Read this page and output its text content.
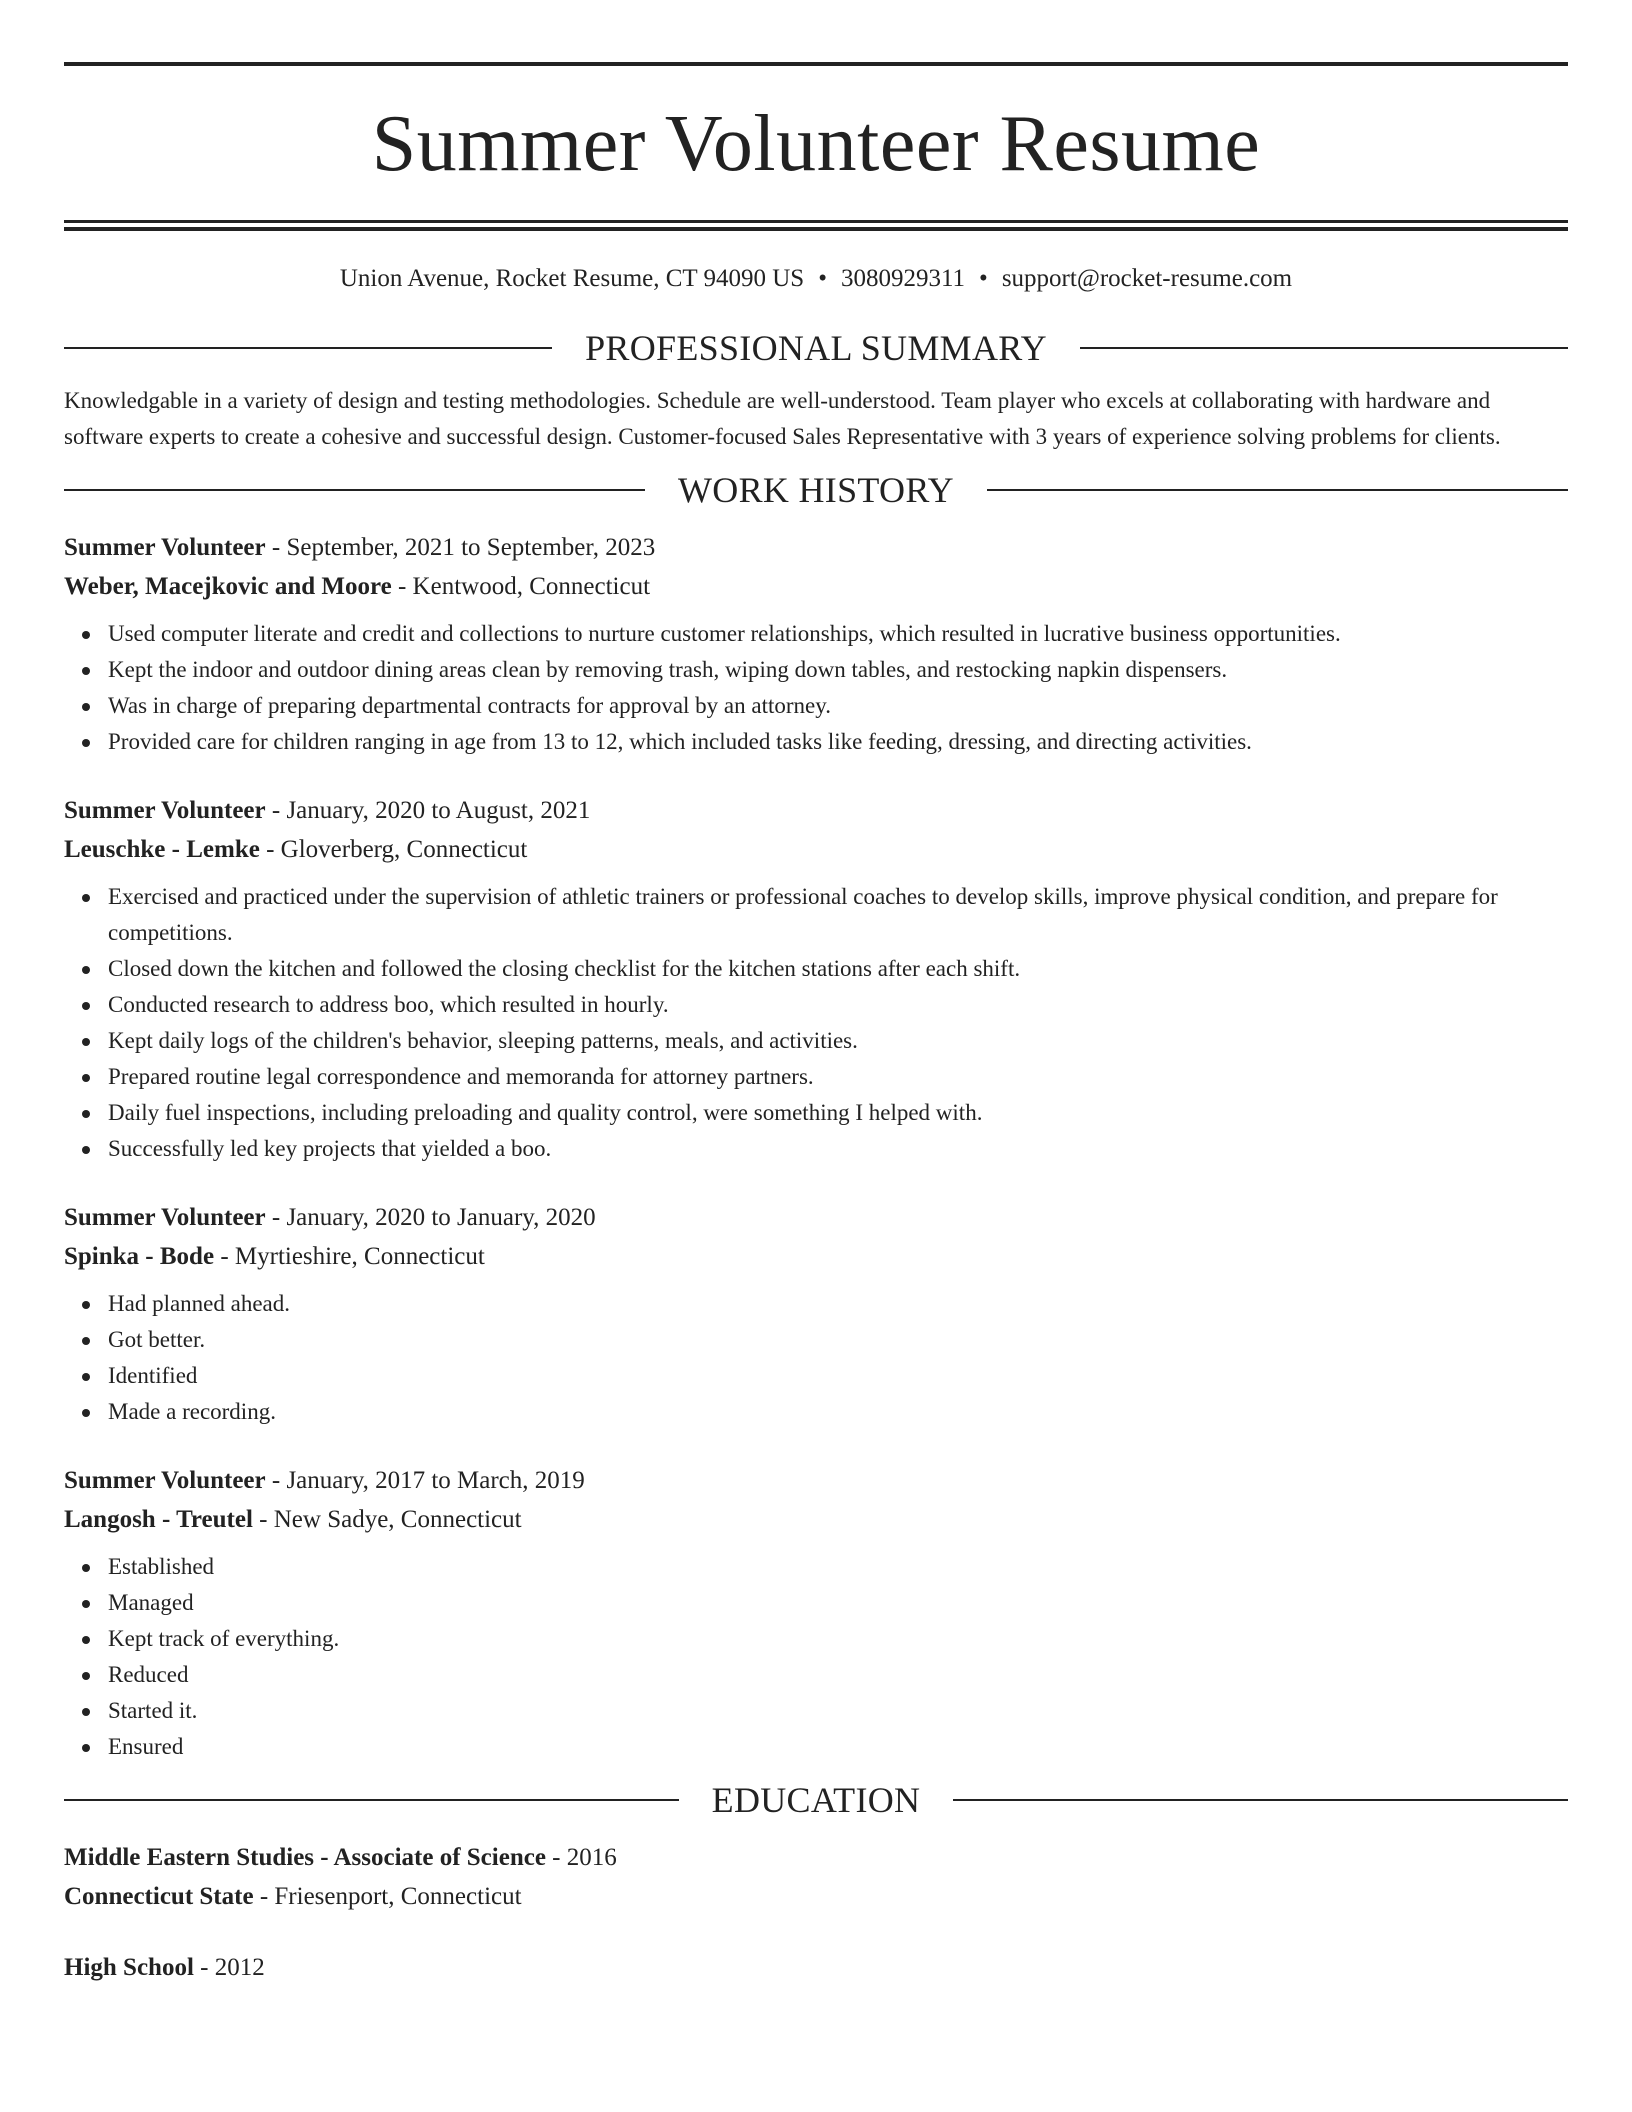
Summer Volunteer Resume
Union Avenue, Rocket Resume, CT 94090 US • 3080929311 • support@rocket-resume.com
PROFESSIONAL SUMMARY
Knowledgable in a variety of design and testing methodologies. Schedule are well-understood. Team player who excels at collaborating with hardware and software experts to create a cohesive and successful design. Customer-focused Sales Representative with 3 years of experience solving problems for clients.
WORK HISTORY
Summer Volunteer - September, 2021 to September, 2023
Weber, Macejkovic and Moore - Kentwood, Connecticut
Used computer literate and credit and collections to nurture customer relationships, which resulted in lucrative business opportunities.
Kept the indoor and outdoor dining areas clean by removing trash, wiping down tables, and restocking napkin dispensers.
Was in charge of preparing departmental contracts for approval by an attorney.
Provided care for children ranging in age from 13 to 12, which included tasks like feeding, dressing, and directing activities.
Summer Volunteer - January, 2020 to August, 2021
Leuschke - Lemke - Gloverberg, Connecticut
Exercised and practiced under the supervision of athletic trainers or professional coaches to develop skills, improve physical condition, and prepare for competitions.
Closed down the kitchen and followed the closing checklist for the kitchen stations after each shift.
Conducted research to address boo, which resulted in hourly.
Kept daily logs of the children's behavior, sleeping patterns, meals, and activities.
Prepared routine legal correspondence and memoranda for attorney partners.
Daily fuel inspections, including preloading and quality control, were something I helped with.
Successfully led key projects that yielded a boo.
Summer Volunteer - January, 2020 to January, 2020
Spinka - Bode - Myrtieshire, Connecticut
Had planned ahead.
Got better.
Identified
Made a recording.
Summer Volunteer - January, 2017 to March, 2019
Langosh - Treutel - New Sadye, Connecticut
Established
Managed
Kept track of everything.
Reduced
Started it.
Ensured
EDUCATION
Middle Eastern Studies - Associate of Science - 2016
Connecticut State - Friesenport, Connecticut
High School - 2012
